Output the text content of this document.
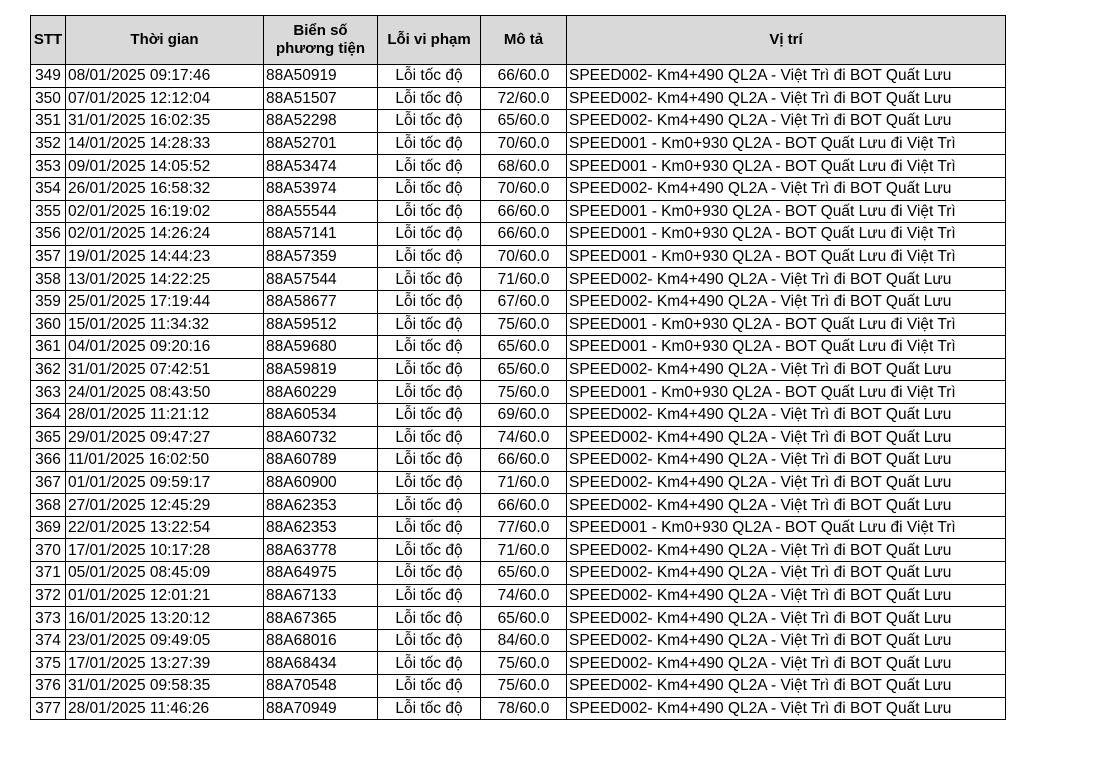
STT	Thời gian	Biển số phương tiện	Lỗi vi phạm	Mô tả	Vị trí
349	08/01/2025 09:17:46	88A50919	Lỗi tốc độ	66/60.0	SPEED002- Km4+490 QL2A - Việt Trì đi BOT Quất Lưu
350	07/01/2025 12:12:04	88A51507	Lỗi tốc độ	72/60.0	SPEED002- Km4+490 QL2A - Việt Trì đi BOT Quất Lưu
351	31/01/2025 16:02:35	88A52298	Lỗi tốc độ	65/60.0	SPEED002- Km4+490 QL2A - Việt Trì đi BOT Quất Lưu
352	14/01/2025 14:28:33	88A52701	Lỗi tốc độ	70/60.0	SPEED001 - Km0+930 QL2A - BOT Quất Lưu đi Việt Trì
353	09/01/2025 14:05:52	88A53474	Lỗi tốc độ	68/60.0	SPEED001 - Km0+930 QL2A - BOT Quất Lưu đi Việt Trì
354	26/01/2025 16:58:32	88A53974	Lỗi tốc độ	70/60.0	SPEED002- Km4+490 QL2A - Việt Trì đi BOT Quất Lưu
355	02/01/2025 16:19:02	88A55544	Lỗi tốc độ	66/60.0	SPEED001 - Km0+930 QL2A - BOT Quất Lưu đi Việt Trì
356	02/01/2025 14:26:24	88A57141	Lỗi tốc độ	66/60.0	SPEED001 - Km0+930 QL2A - BOT Quất Lưu đi Việt Trì
357	19/01/2025 14:44:23	88A57359	Lỗi tốc độ	70/60.0	SPEED001 - Km0+930 QL2A - BOT Quất Lưu đi Việt Trì
358	13/01/2025 14:22:25	88A57544	Lỗi tốc độ	71/60.0	SPEED002- Km4+490 QL2A - Việt Trì đi BOT Quất Lưu
359	25/01/2025 17:19:44	88A58677	Lỗi tốc độ	67/60.0	SPEED002- Km4+490 QL2A - Việt Trì đi BOT Quất Lưu
360	15/01/2025 11:34:32	88A59512	Lỗi tốc độ	75/60.0	SPEED001 - Km0+930 QL2A - BOT Quất Lưu đi Việt Trì
361	04/01/2025 09:20:16	88A59680	Lỗi tốc độ	65/60.0	SPEED001 - Km0+930 QL2A - BOT Quất Lưu đi Việt Trì
362	31/01/2025 07:42:51	88A59819	Lỗi tốc độ	65/60.0	SPEED002- Km4+490 QL2A - Việt Trì đi BOT Quất Lưu
363	24/01/2025 08:43:50	88A60229	Lỗi tốc độ	75/60.0	SPEED001 - Km0+930 QL2A - BOT Quất Lưu đi Việt Trì
364	28/01/2025 11:21:12	88A60534	Lỗi tốc độ	69/60.0	SPEED002- Km4+490 QL2A - Việt Trì đi BOT Quất Lưu
365	29/01/2025 09:47:27	88A60732	Lỗi tốc độ	74/60.0	SPEED002- Km4+490 QL2A - Việt Trì đi BOT Quất Lưu
366	11/01/2025 16:02:50	88A60789	Lỗi tốc độ	66/60.0	SPEED002- Km4+490 QL2A - Việt Trì đi BOT Quất Lưu
367	01/01/2025 09:59:17	88A60900	Lỗi tốc độ	71/60.0	SPEED002- Km4+490 QL2A - Việt Trì đi BOT Quất Lưu
368	27/01/2025 12:45:29	88A62353	Lỗi tốc độ	66/60.0	SPEED002- Km4+490 QL2A - Việt Trì đi BOT Quất Lưu
369	22/01/2025 13:22:54	88A62353	Lỗi tốc độ	77/60.0	SPEED001 - Km0+930 QL2A - BOT Quất Lưu đi Việt Trì
370	17/01/2025 10:17:28	88A63778	Lỗi tốc độ	71/60.0	SPEED002- Km4+490 QL2A - Việt Trì đi BOT Quất Lưu
371	05/01/2025 08:45:09	88A64975	Lỗi tốc độ	65/60.0	SPEED002- Km4+490 QL2A - Việt Trì đi BOT Quất Lưu
372	01/01/2025 12:01:21	88A67133	Lỗi tốc độ	74/60.0	SPEED002- Km4+490 QL2A - Việt Trì đi BOT Quất Lưu
373	16/01/2025 13:20:12	88A67365	Lỗi tốc độ	65/60.0	SPEED002- Km4+490 QL2A - Việt Trì đi BOT Quất Lưu
374	23/01/2025 09:49:05	88A68016	Lỗi tốc độ	84/60.0	SPEED002- Km4+490 QL2A - Việt Trì đi BOT Quất Lưu
375	17/01/2025 13:27:39	88A68434	Lỗi tốc độ	75/60.0	SPEED002- Km4+490 QL2A - Việt Trì đi BOT Quất Lưu
376	31/01/2025 09:58:35	88A70548	Lỗi tốc độ	75/60.0	SPEED002- Km4+490 QL2A - Việt Trì đi BOT Quất Lưu
377	28/01/2025 11:46:26	88A70949	Lỗi tốc độ	78/60.0	SPEED002- Km4+490 QL2A - Việt Trì đi BOT Quất Lưu
